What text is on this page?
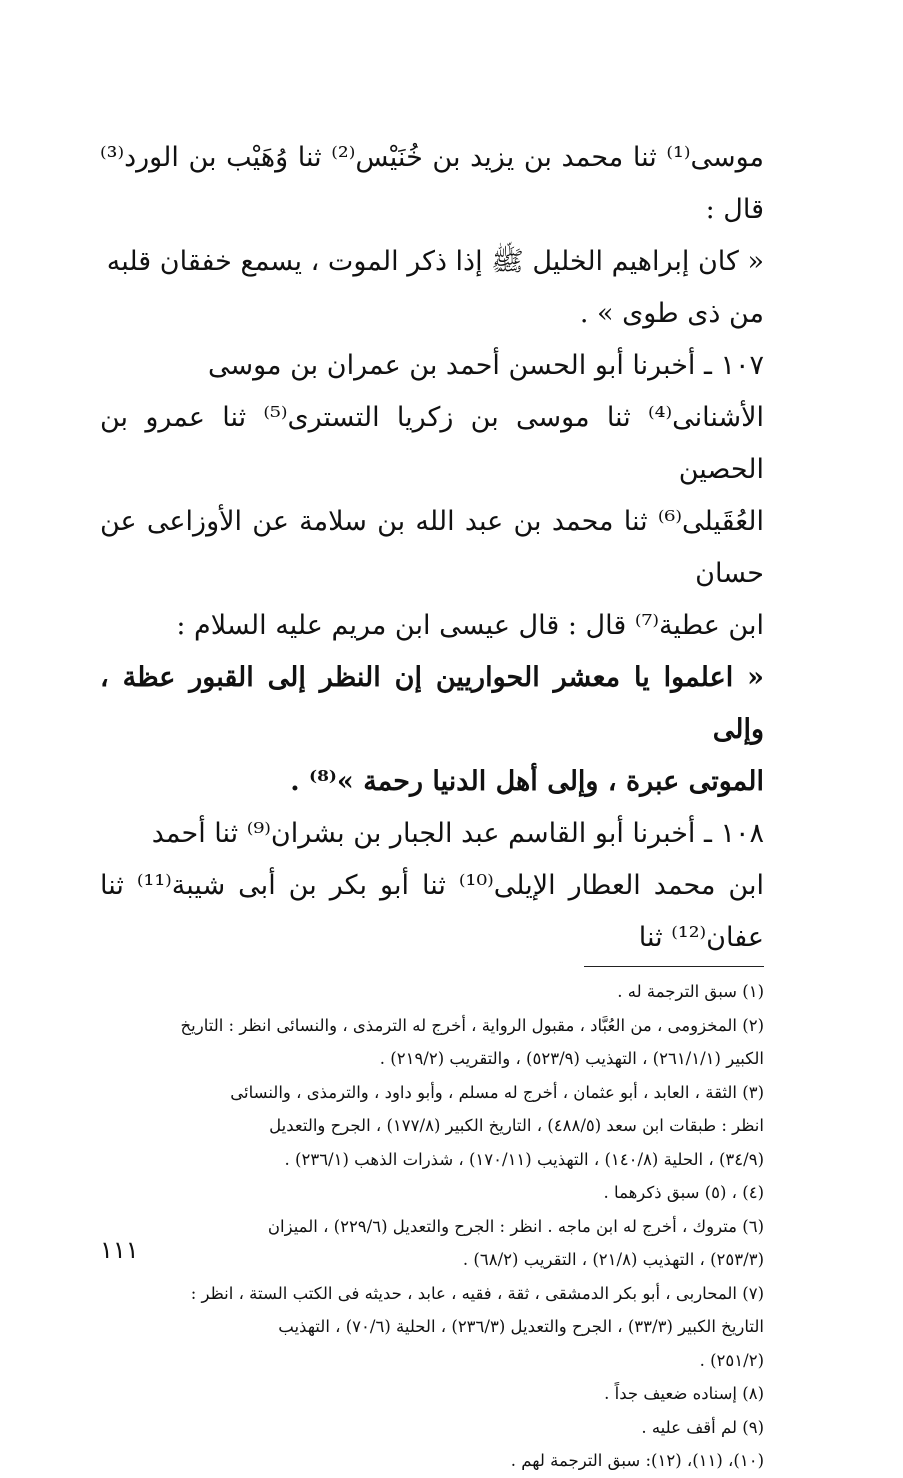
موسى⁽¹⁾ ثنا محمد بن يزيد بن خُنَيْس⁽²⁾ ثنا وُهَيْب بن الورد⁽³⁾ قال :

« كان إبراهيم الخليل ﷺ إذا ذكر الموت ، يسمع خفقان قلبه

من ذى طوى » .

١٠٧ ـ أخبرنا أبو الحسن أحمد بن عمران بن موسى

الأشنانى⁽⁴⁾ ثنا موسى بن زكريا التسترى⁽⁵⁾ ثنا عمرو بن الحصين

العُقَيلى⁽⁶⁾ ثنا محمد بن عبد الله بن سلامة عن الأوزاعى عن حسان

ابن عطية⁽⁷⁾ قال : قال عيسى ابن مريم عليه السلام :

« اعلموا يا معشر الحواريين إن النظر إلى القبور عظة ، وإلى

الموتى عبرة ، وإلى أهل الدنيا رحمة »⁽⁸⁾ .

١٠٨ ـ أخبرنا أبو القاسم عبد الجبار بن بشران⁽⁹⁾ ثنا أحمد

ابن محمد العطار الإيلى⁽¹⁰⁾ ثنا أبو بكر بن أبى شيبة⁽¹¹⁾ ثنا عفان⁽¹²⁾ ثنا

(١) سبق الترجمة له .

(٢) المخزومى ، من العُبَّاد ، مقبول الرواية ، أخرج له الترمذى ، والنسائى انظر : التاريخ

الكبير (٢٦١/١/١) ، التهذيب (٥٢٣/٩) ، والتقريب (٢١٩/٢) .

(٣) الثقة ، العابد ، أبو عثمان ، أخرج له مسلم ، وأبو داود ، والترمذى ، والنسائى

انظر : طبقات ابن سعد (٤٨٨/٥) ، التاريخ الكبير (١٧٧/٨) ، الجرح والتعديل

(٣٤/٩) ، الحلية (١٤٠/٨) ، التهذيب (١٧٠/١١) ، شذرات الذهب (٢٣٦/١) .

(٤) ، (٥) سبق ذكرهما .

(٦) متروك ، أخرج له ابن ماجه . انظر : الجرح والتعديل (٢٢٩/٦) ، الميزان

(٢٥٣/٣) ، التهذيب (٢١/٨) ، التقريب (٦٨/٢) .

(٧) المحاربى ، أبو بكر الدمشقى ، ثقة ، فقيه ، عابد ، حديثه فى الكتب الستة ، انظر :

التاريخ الكبير (٣٣/٣) ، الجرح والتعديل (٢٣٦/٣) ، الحلية (٧٠/٦) ، التهذيب

(٢٥١/٢) .

(٨) إسناده ضعيف جداً .

(٩) لم أقف عليه .

(١٠)، (١١)، (١٢): سبق الترجمة لهم .

١١١
